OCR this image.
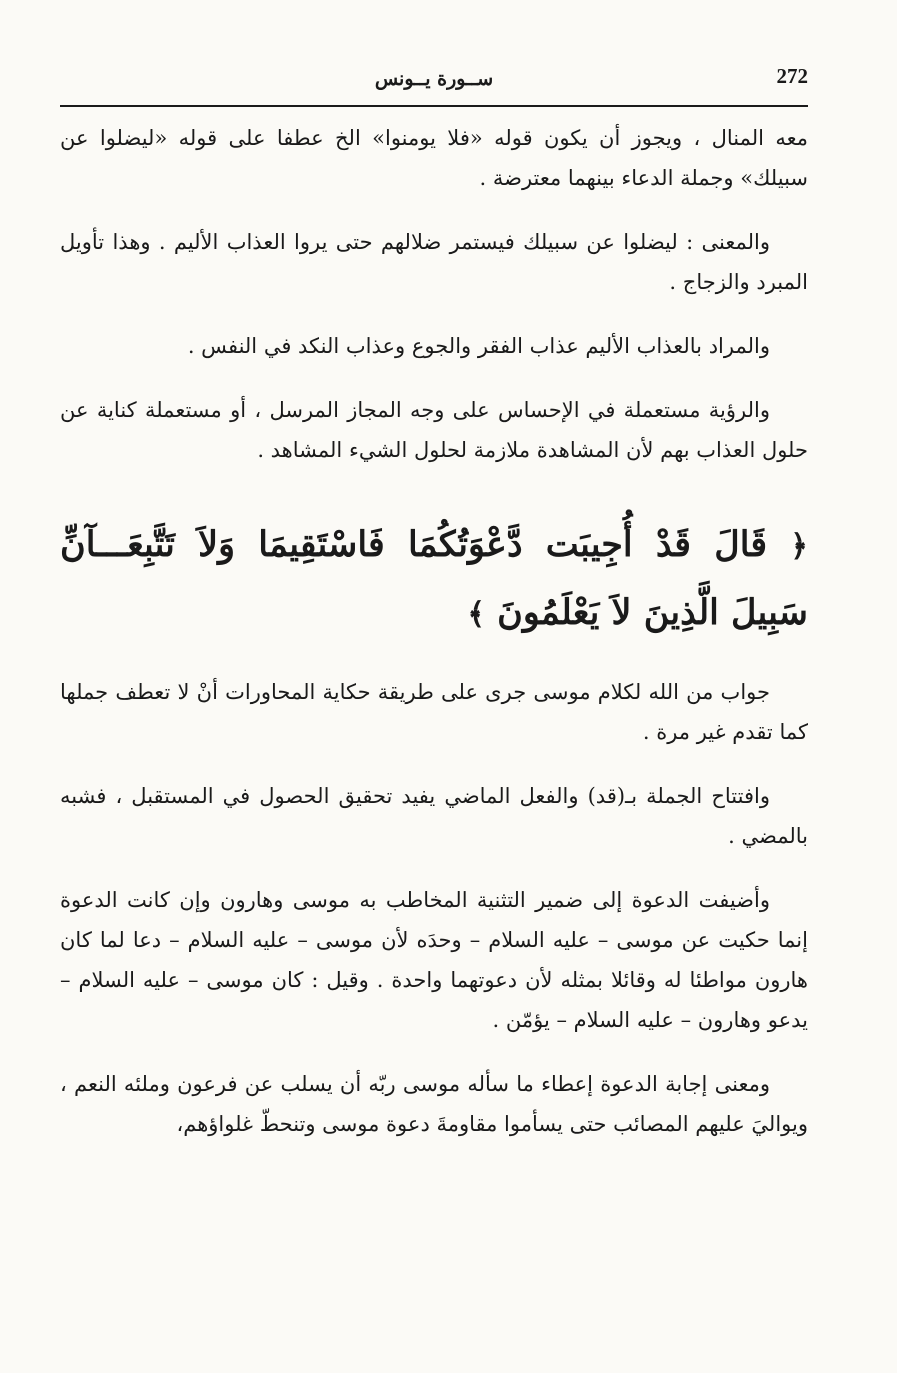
272
ســورة يــونس

معه المنال ، ويجوز أن يكون قوله «فلا يومنوا» الخ عطفا على قوله «ليضلوا عن سبيلك» وجملة الدعاء بينهما معترضة .

والمعنى : ليضلوا عن سبيلك فيستمر ضلالهم حتى يروا العذاب الأليم . وهذا تأويل المبرد والزجاج .

والمراد بالعذاب الأليم عذاب الفقر والجوع وعذاب النكد في النفس .

والرؤية مستعملة في الإحساس على وجه المجاز المرسل ، أو مستعملة كناية عن حلول العذاب بهم لأن المشاهدة ملازمة لحلول الشيء المشاهد .

﴿ قَالَ قَدْ أُجِيبَت دَّعْوَتُكُمَا فَاسْتَقِيمَا وَلاَ تَتَّبِعَـــآنِّ سَبِيلَ الَّذِينَ لاَ يَعْلَمُونَ ﴾

جواب من الله لكلام موسى جرى على طريقة حكاية المحاورات أنْ لا تعطف جملها كما تقدم غير مرة .

وافتتاح الجملة بـ(قد) والفعل الماضي يفيد تحقيق الحصول في المستقبل ، فشبه بالمضي .

وأضيفت الدعوة إلى ضمير التثنية المخاطب به موسى وهارون وإن كانت الدعوة إنما حكيت عن موسى – عليه السلام – وحدَه لأن موسى – عليه السلام – دعا لما كان هارون مواطئا له وقائلا بمثله لأن دعوتهما واحدة . وقيل : كان موسى – عليه السلام – يدعو وهارون – عليه السلام – يؤمّن .

ومعنى إجابة الدعوة إعطاء ما سأله موسى ربّه أن يسلب عن فرعون وملئه النعم ، ويواليَ عليهم المصائب حتى يسأموا مقاومةَ دعوة موسى وتنحطّ غلواؤهم،
